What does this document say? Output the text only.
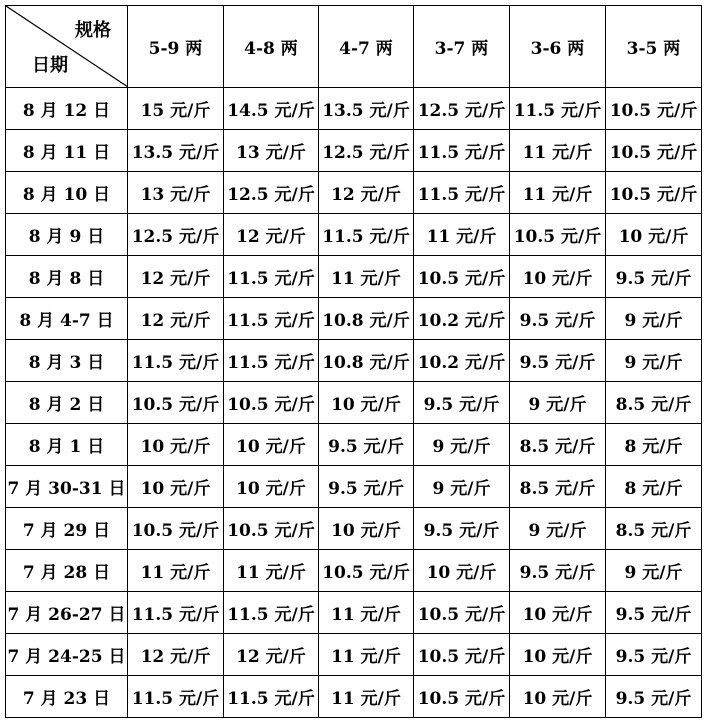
规格
日期	5-9 两	4-8 两	4-7 两	3-7 两	3-6 两	3-5 两
8 月 12 日	15 元/斤	14.5 元/斤	13.5 元/斤	12.5 元/斤	11.5 元/斤	10.5 元/斤
8 月 11 日	13.5 元/斤	13 元/斤	12.5 元/斤	11.5 元/斤	11 元/斤	10.5 元/斤
8 月 10 日	13 元/斤	12.5 元/斤	12 元/斤	11.5 元/斤	11 元/斤	10.5 元/斤
8 月 9 日	12.5 元/斤	12 元/斤	11.5 元/斤	11 元/斤	10.5 元/斤	10 元/斤
8 月 8 日	12 元/斤	11.5 元/斤	11 元/斤	10.5 元/斤	10 元/斤	9.5 元/斤
8 月 4-7 日	12 元/斤	11.5 元/斤	10.8 元/斤	10.2 元/斤	9.5 元/斤	9 元/斤
8 月 3 日	11.5 元/斤	11.5 元/斤	10.8 元/斤	10.2 元/斤	9.5 元/斤	9 元/斤
8 月 2 日	10.5 元/斤	10.5 元/斤	10 元/斤	9.5 元/斤	9 元/斤	8.5 元/斤
8 月 1 日	10 元/斤	10 元/斤	9.5 元/斤	9 元/斤	8.5 元/斤	8 元/斤
7 月 30-31 日	10 元/斤	10 元/斤	9.5 元/斤	9 元/斤	8.5 元/斤	8 元/斤
7 月 29 日	10.5 元/斤	10.5 元/斤	10 元/斤	9.5 元/斤	9 元/斤	8.5 元/斤
7 月 28 日	11 元/斤	11 元/斤	10.5 元/斤	10 元/斤	9.5 元/斤	9 元/斤
7 月 26-27 日	11.5 元/斤	11.5 元/斤	11 元/斤	10.5 元/斤	10 元/斤	9.5 元/斤
7 月 24-25 日	12 元/斤	12 元/斤	11 元/斤	10.5 元/斤	10 元/斤	9.5 元/斤
7 月 23 日	11.5 元/斤	11.5 元/斤	11 元/斤	10.5 元/斤	10 元/斤	9.5 元/斤
